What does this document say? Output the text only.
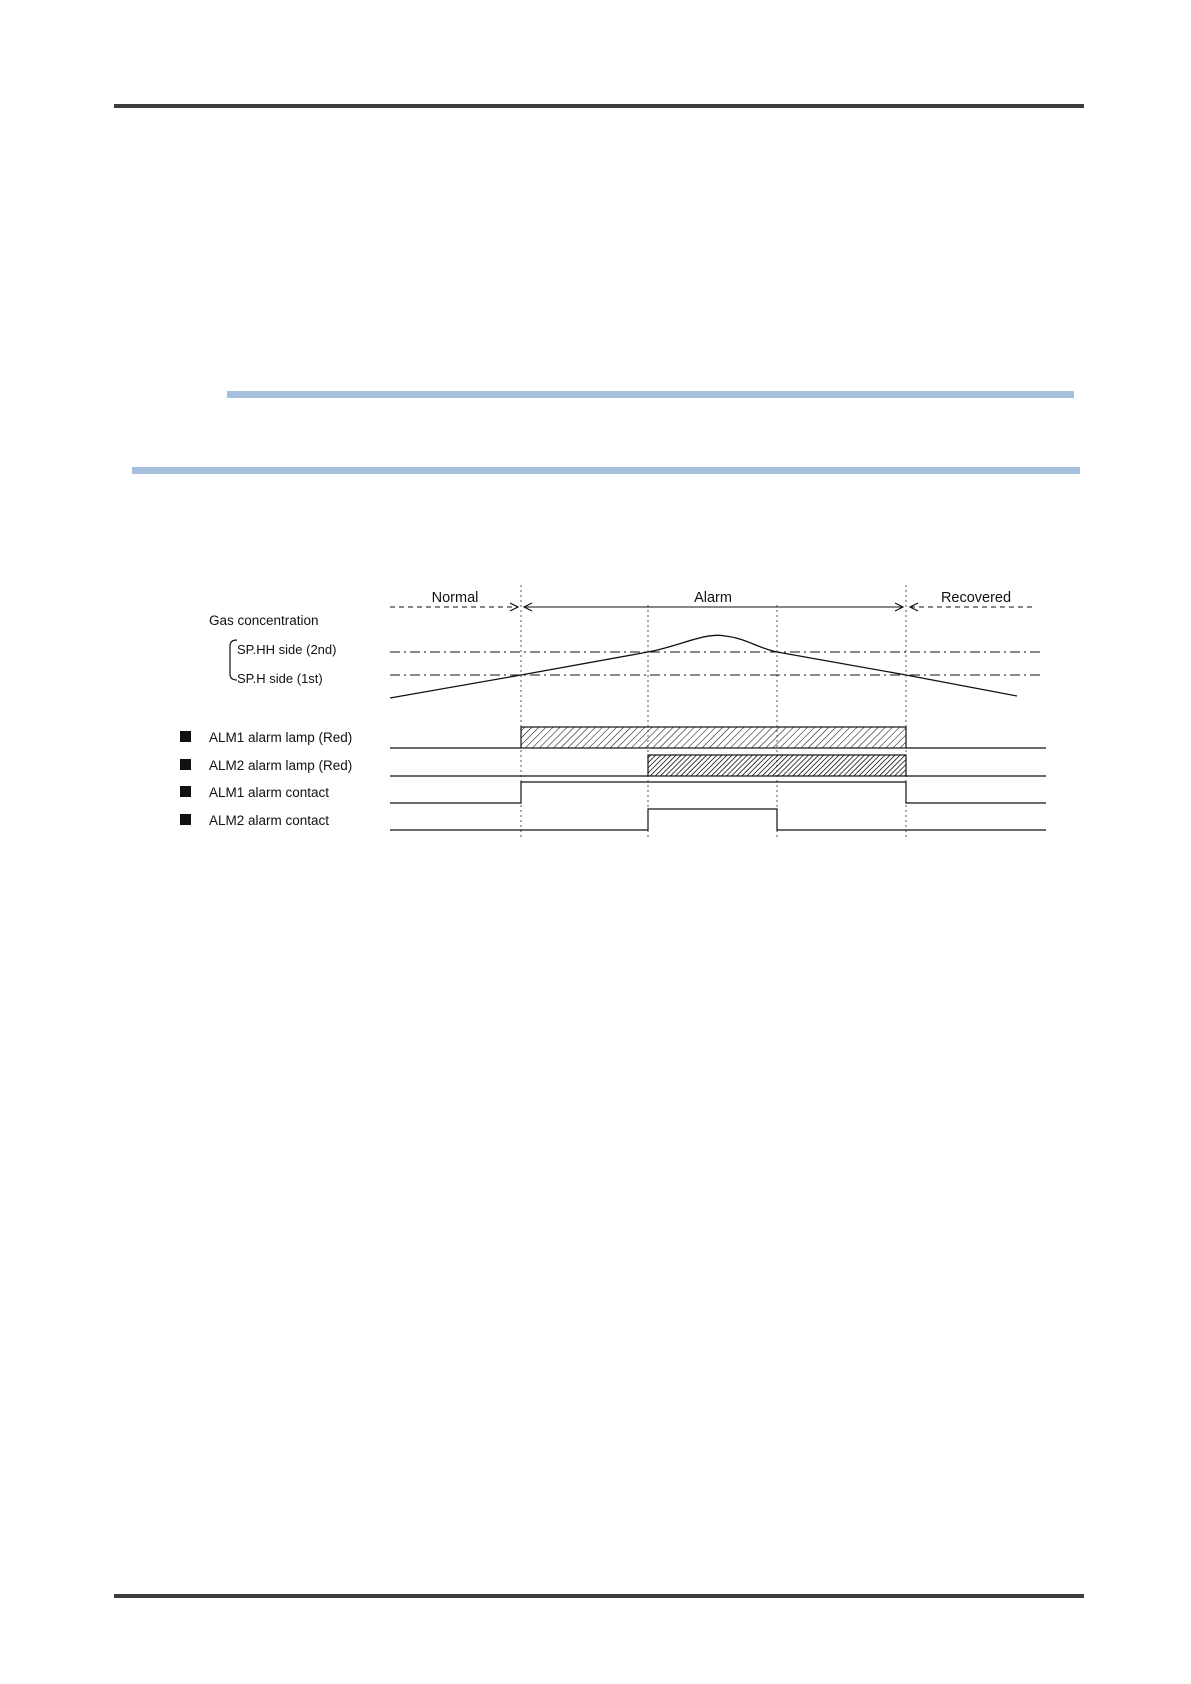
Normal	Alarm	Recovered
Gas concentration
SP.HH side (2nd)
SP.H side (1st)
ALM1 alarm lamp (Red)
ALM2 alarm lamp (Red)
ALM1 alarm contact
ALM2 alarm contact
